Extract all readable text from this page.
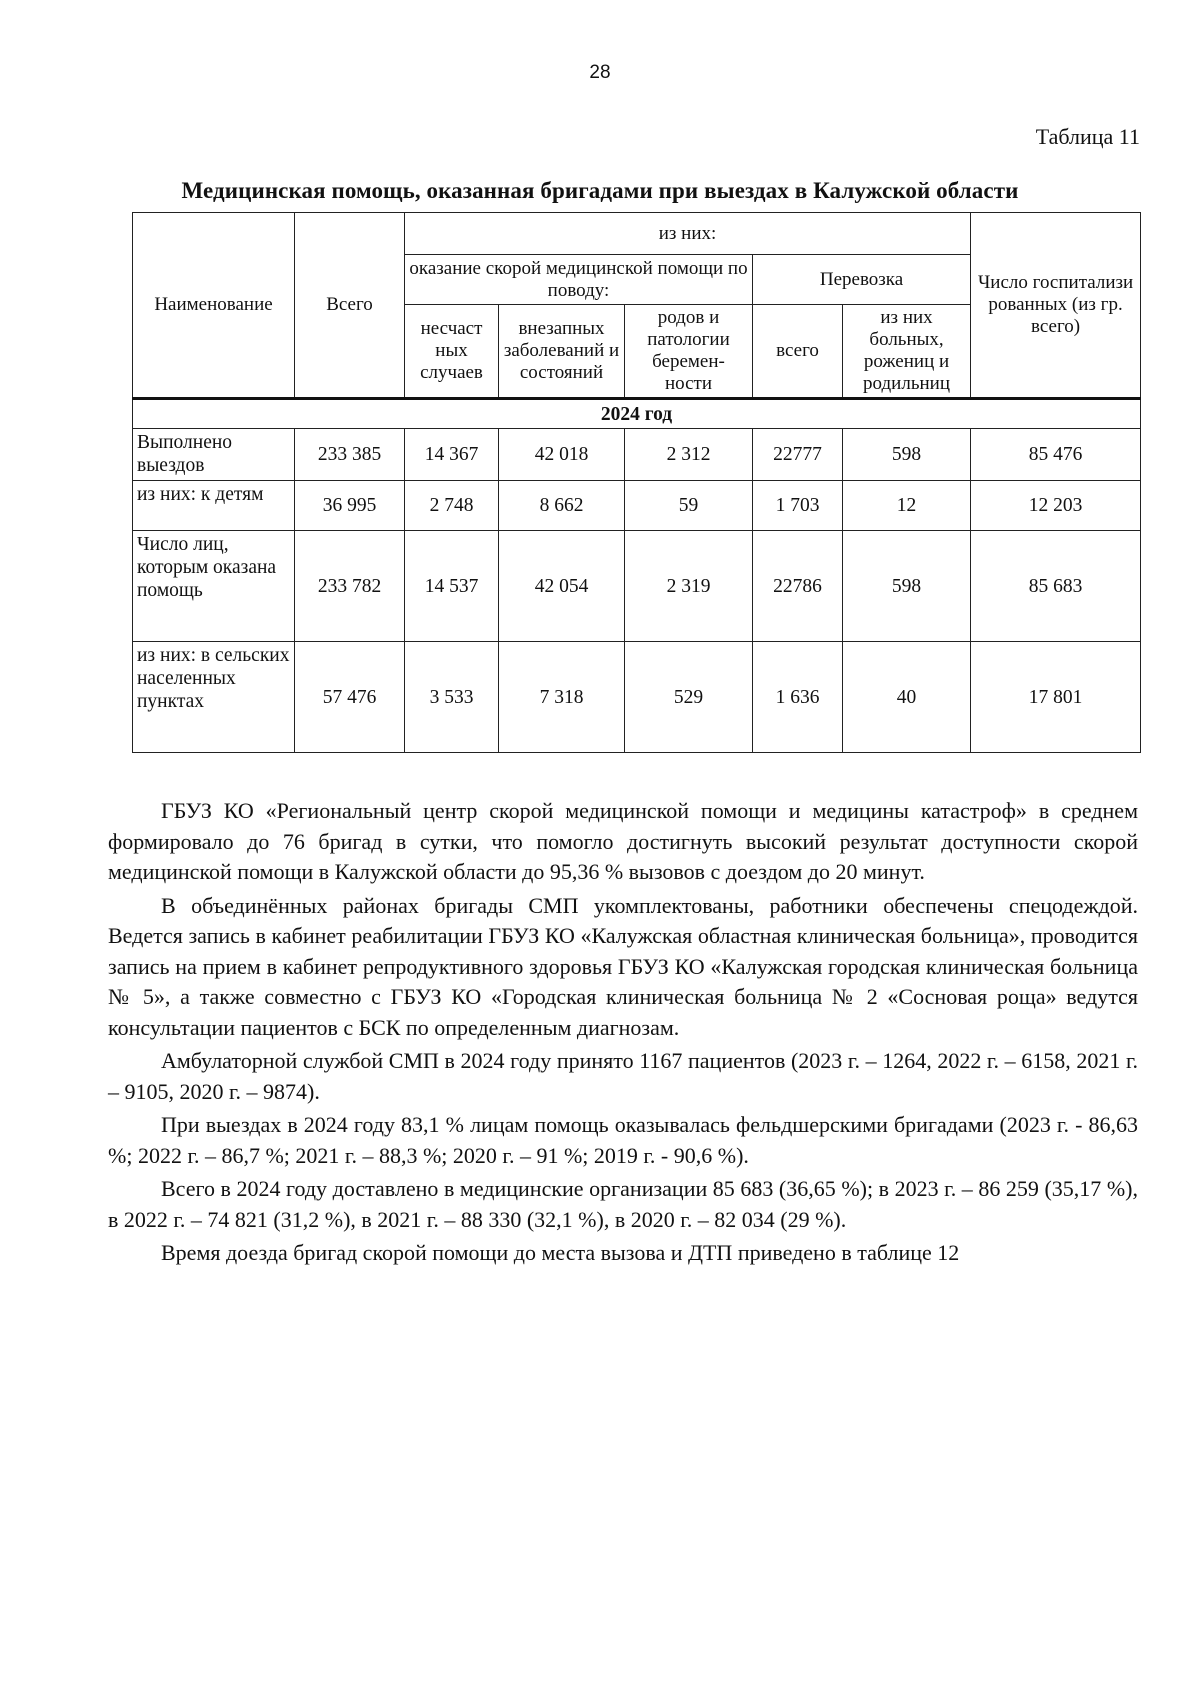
28
Таблица 11
Медицинская помощь, оказанная бригадами при выездах в Калужской области
Наименование	Всего	из них:					Число госпитализи рованных (из гр. всего)
		оказание скорой медицинской помощи по поводу:			Перевозка		
		несчаст ных случаев	внезапных заболеваний и состояний	родов и патологии беремен- ности	всего	из них больных, рожениц и родильниц	
2024 год							
Выполнено выездов	233 385	14 367	42 018	2 312	22777	598	85 476
из них: к детям	36 995	2 748	8 662	59	1 703	12	12 203
Число лиц, которым оказана помощь	233 782	14 537	42 054	2 319	22786	598	85 683
из них: в сельских населенных пунктах	57 476	3 533	7 318	529	1 636	40	17 801

ГБУЗ КО «Региональный центр скорой медицинской помощи и медицины катастроф» в среднем формировало до 76 бригад в сутки, что помогло достигнуть высокий результат доступности скорой медицинской помощи в Калужской области до 95,36 % вызовов с доездом до 20 минут.

В объединённых районах бригады СМП укомплектованы, работники обеспечены спецодеждой. Ведется запись в кабинет реабилитации ГБУЗ КО «Калужская областная клиническая больница», проводится запись на прием в кабинет репродуктивного здоровья ГБУЗ КО «Калужская городская клиническая больница № 5», а также совместно с ГБУЗ КО «Городская клиническая больница № 2 «Сосновая роща» ведутся консультации пациентов с БСК по определенным диагнозам.

Амбулаторной службой СМП в 2024 году принято 1167 пациентов (2023 г. – 1264, 2022 г. – 6158, 2021 г. – 9105, 2020 г. – 9874).

При выездах в 2024 году 83,1 % лицам помощь оказывалась фельдшерскими бригадами (2023 г. - 86,63 %; 2022 г. – 86,7 %; 2021 г. – 88,3 %; 2020 г. – 91 %; 2019 г. - 90,6 %).

Всего в 2024 году доставлено в медицинские организации 85 683 (36,65 %); в 2023 г. – 86 259 (35,17 %), в 2022 г. – 74 821 (31,2 %), в 2021 г. – 88 330 (32,1 %), в 2020 г. – 82 034 (29 %).

Время доезда бригад скорой помощи до места вызова и ДТП приведено в таблице 12
